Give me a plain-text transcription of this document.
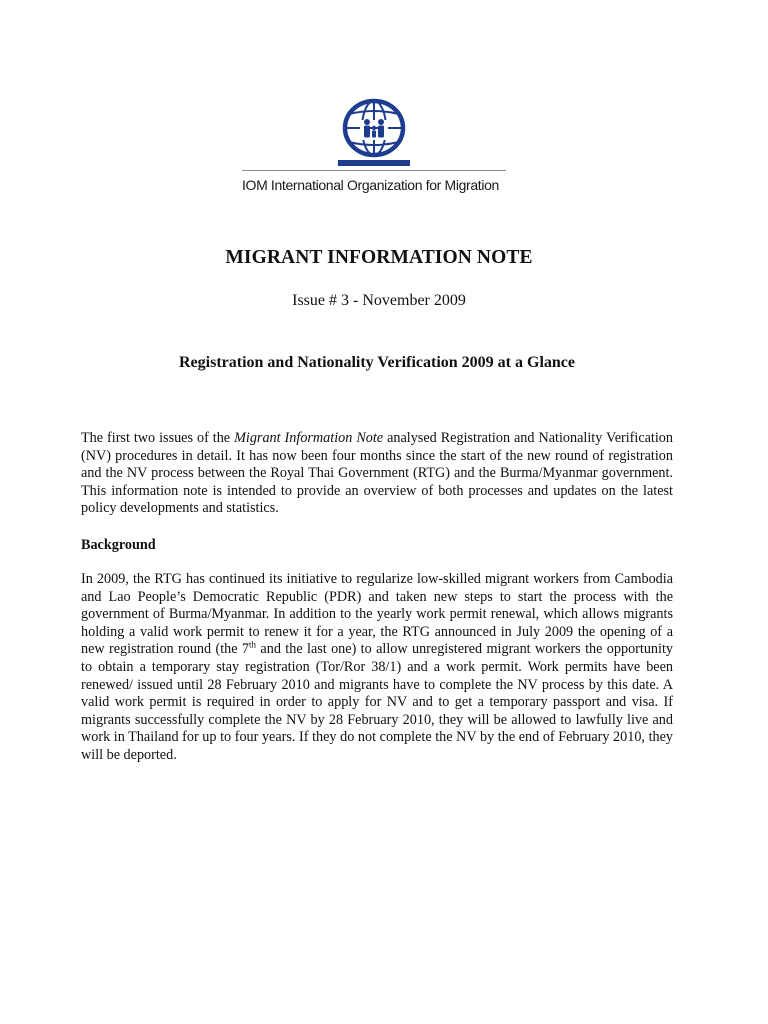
IOM International Organization for Migration
MIGRANT INFORMATION NOTE
Issue # 3 - November 2009
Registration and Nationality Verification 2009 at a Glance

The first two issues of the Migrant Information Note analysed Registration and Nationality Verification (NV) procedures in detail. It has now been four months since the start of the new round of registration and the NV process between the Royal Thai Government (RTG) and the Burma/Myanmar government. This information note is intended to provide an overview of both processes and updates on the latest policy developments and statistics.

Background

In 2009, the RTG has continued its initiative to regularize low-skilled migrant workers from Cambodia and Lao People’s Democratic Republic (PDR) and taken new steps to start the process with the government of Burma/Myanmar. In addition to the yearly work permit renewal, which allows migrants holding a valid work permit to renew it for a year, the RTG announced in July 2009 the opening of a new registration round (the 7th and the last one) to allow unregistered migrant workers the opportunity to obtain a temporary stay registration (Tor/Ror 38/1) and a work permit. Work permits have been renewed/ issued until 28 February 2010 and migrants have to complete the NV process by this date. A valid work permit is required in order to apply for NV and to get a temporary passport and visa. If migrants successfully complete the NV by 28 February 2010, they will be allowed to lawfully live and work in Thailand for up to four years. If they do not complete the NV by the end of February 2010, they will be deported.
